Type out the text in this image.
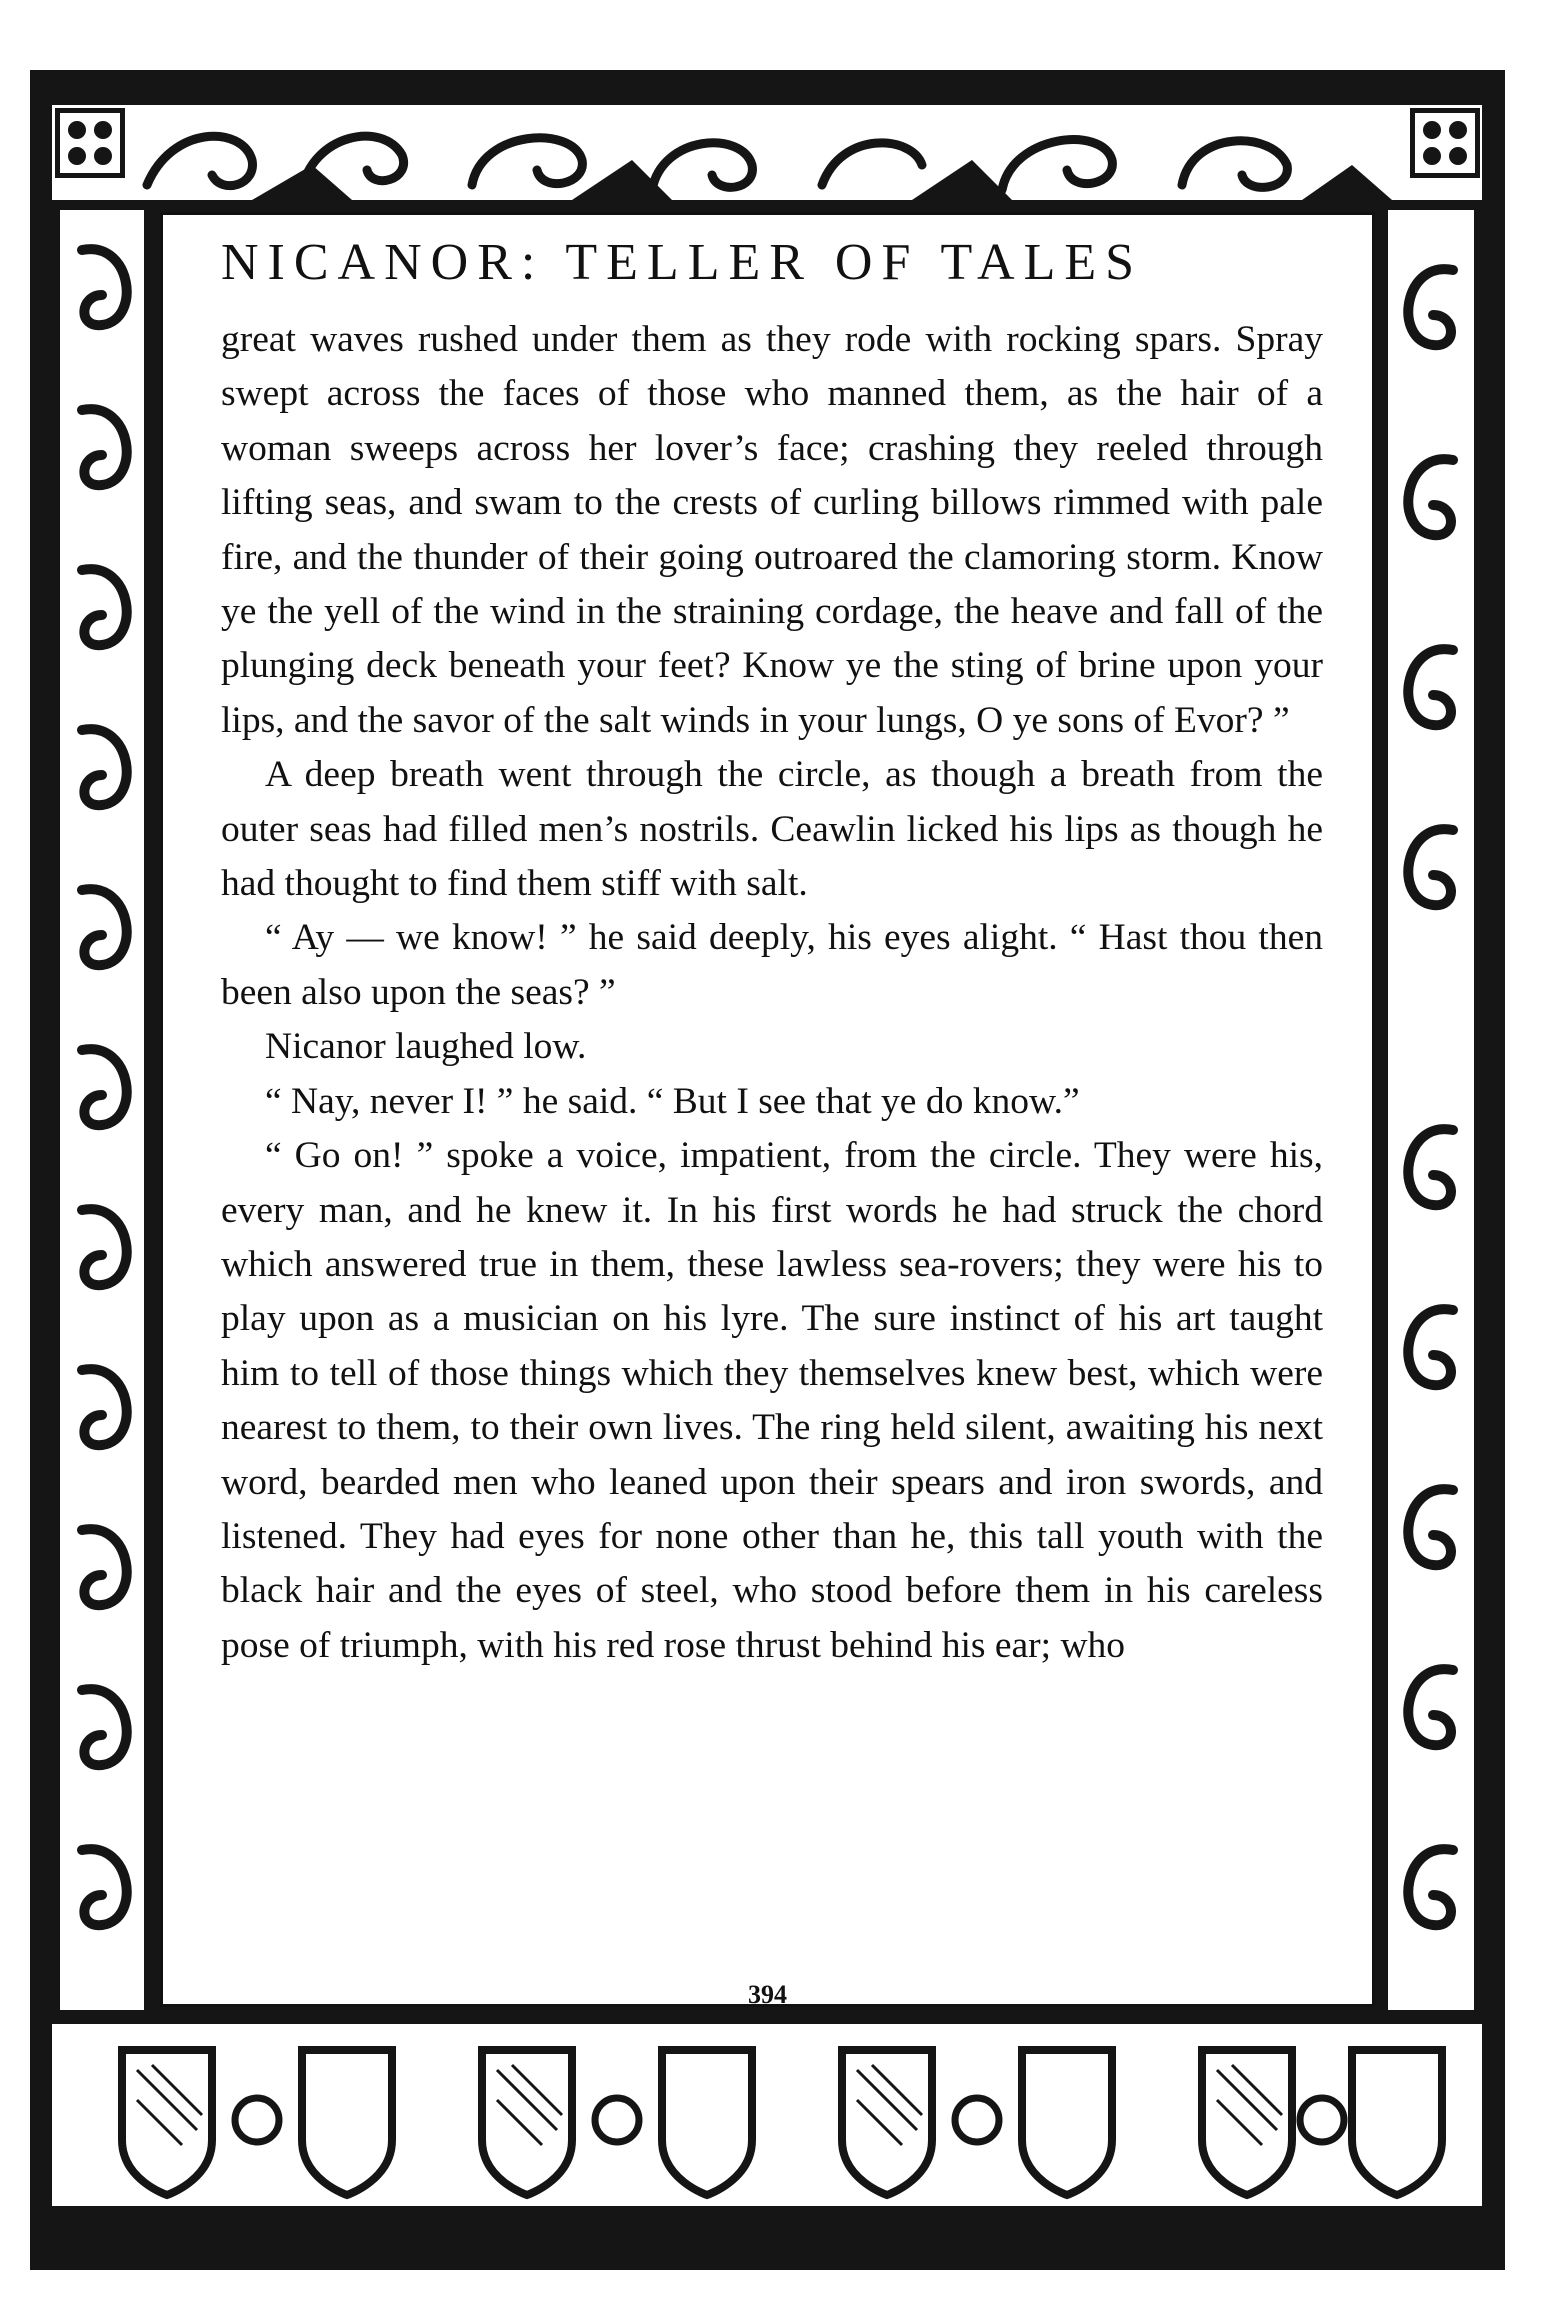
NICANOR: TELLER OF TALES

great waves rushed under them as they rode with rocking spars. Spray swept across the faces of those who manned them, as the hair of a woman sweeps across her lover’s face; crashing they reeled through lifting seas, and swam to the crests of curling billows rimmed with pale fire, and the thunder of their going outroared the clamoring storm. Know ye the yell of the wind in the straining cordage, the heave and fall of the plunging deck beneath your feet? Know ye the sting of brine upon your lips, and the savor of the salt winds in your lungs, O ye sons of Evor? ”

A deep breath went through the circle, as though a breath from the outer seas had filled men’s nostrils. Ceawlin licked his lips as though he had thought to find them stiff with salt.

“ Ay — we know! ” he said deeply, his eyes alight. “ Hast thou then been also upon the seas? ”

Nicanor laughed low.

“ Nay, never I! ” he said. “ But I see that ye do know.”

“ Go on! ” spoke a voice, impatient, from the circle. They were his, every man, and he knew it. In his first words he had struck the chord which answered true in them, these lawless sea-rovers; they were his to play upon as a musician on his lyre. The sure instinct of his art taught him to tell of those things which they themselves knew best, which were nearest to them, to their own lives. The ring held silent, awaiting his next word, bearded men who leaned upon their spears and iron swords, and listened. They had eyes for none other than he, this tall youth with the black hair and the eyes of steel, who stood before them in his careless pose of triumph, with his red rose thrust behind his ear; who

394
